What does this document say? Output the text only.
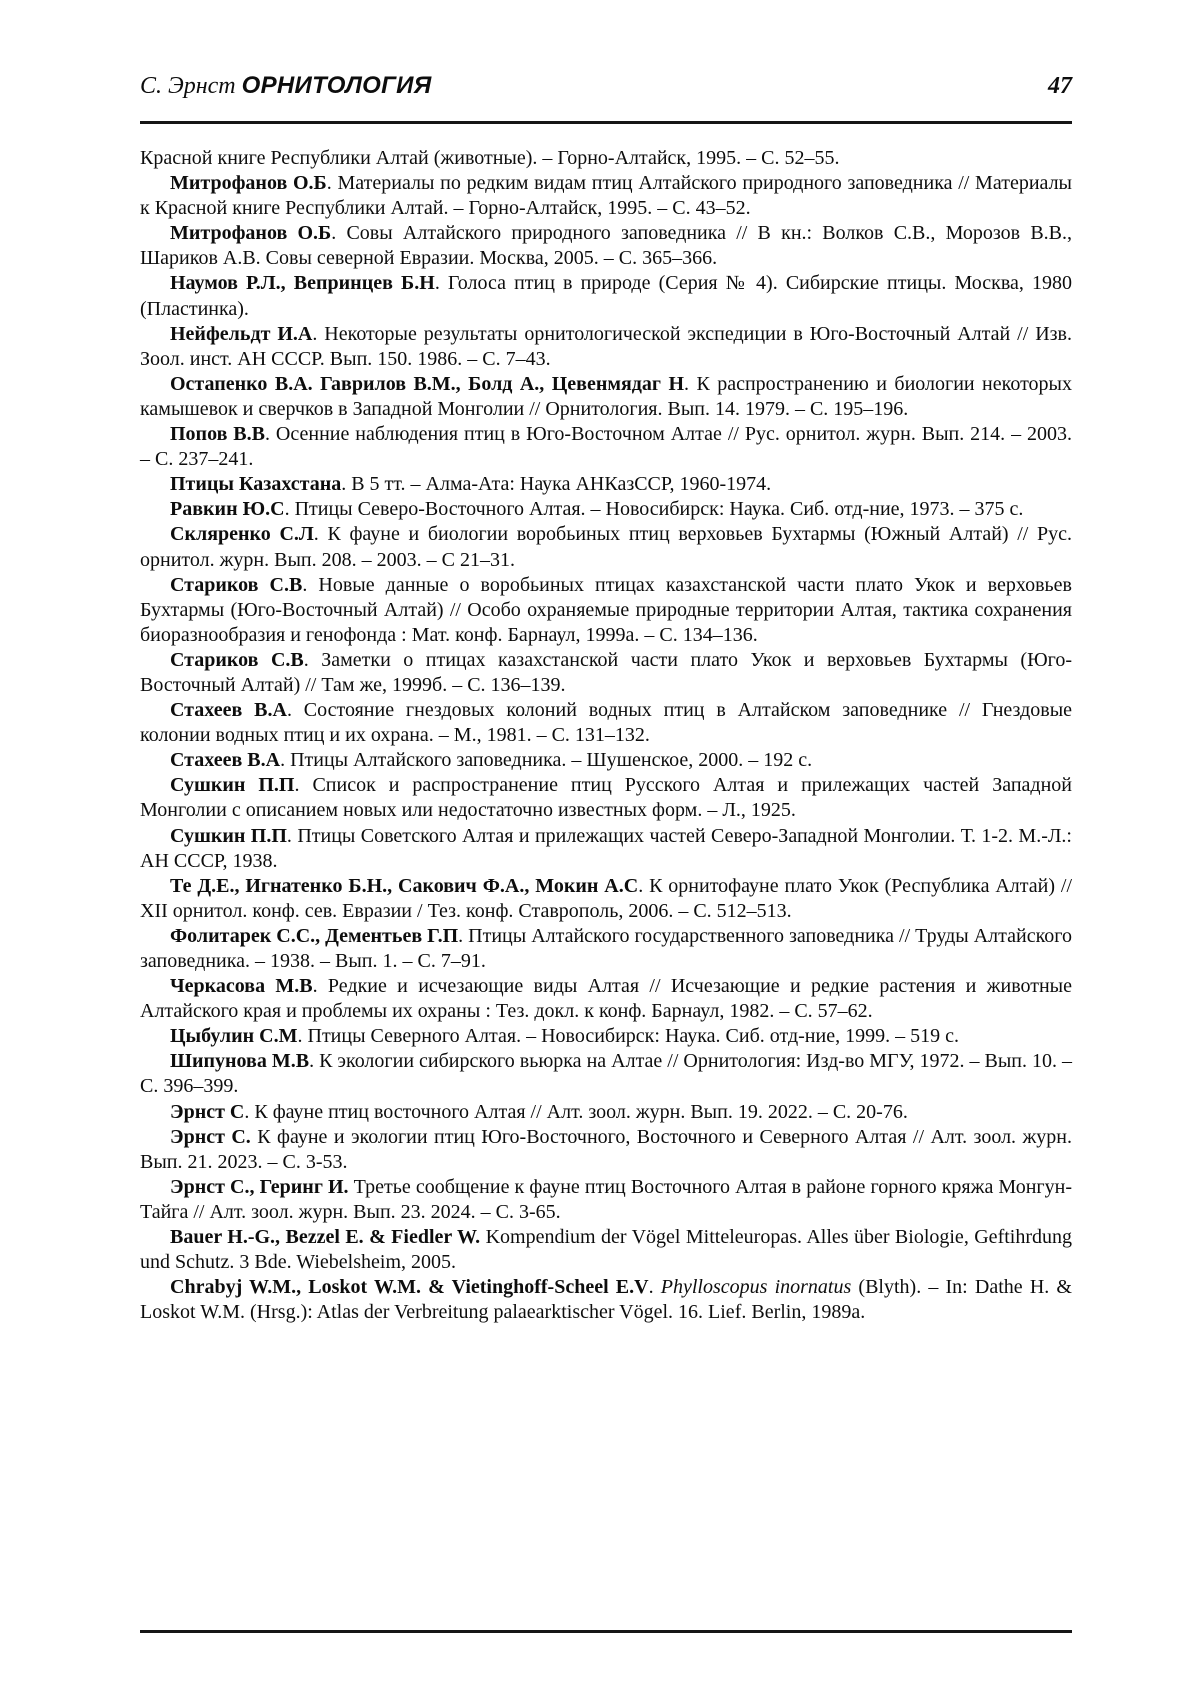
С. Эрнст ОРНИТОЛОГИЯ	47

Красной книге Республики Алтай (животные). – Горно-Алтайск, 1995. – С. 52–55.

Митрофанов О.Б. Материалы по редким видам птиц Алтайского природного заповедника // Материалы к Красной книге Республики Алтай. – Горно-Алтайск, 1995. – С. 43–52.

Митрофанов О.Б. Совы Алтайского природного заповедника // В кн.: Волков С.В., Морозов В.В., Шариков А.В. Совы северной Евразии. Москва, 2005. – С. 365–366.

Наумов Р.Л., Вепринцев Б.Н. Голоса птиц в природе (Серия № 4). Сибирские птицы. Москва, 1980 (Пластинка).

Нейфельдт И.А. Некоторые результаты орнитологической экспедиции в Юго-Восточный Алтай // Изв. Зоол. инст. АН СССР. Вып. 150. 1986. – С. 7–43.

Остапенко В.А. Гаврилов В.М., Болд А., Цевенмядаг Н. К распространению и биологии некоторых камышевок и сверчков в Западной Монголии // Орнитология. Вып. 14. 1979. – С. 195–196.

Попов В.В. Осенние наблюдения птиц в Юго-Восточном Алтае // Рус. орнитол. журн. Вып. 214. – 2003. – С. 237–241.

Птицы Казахстана. В 5 тт. – Алма-Ата: Наука АНКазССР, 1960-1974.

Равкин Ю.С. Птицы Северо-Восточного Алтая. – Новосибирск: Наука. Сиб. отд-ние, 1973. – 375 с.

Скляренко С.Л. К фауне и биологии воробьиных птиц верховьев Бухтармы (Южный Алтай) // Рус. орнитол. журн. Вып. 208. – 2003. – С 21–31.

Стариков С.В. Новые данные о воробьиных птицах казахстанской части плато Укок и верховьев Бухтармы (Юго-Восточный Алтай) // Особо охраняемые природные территории Алтая, тактика сохранения биоразнообразия и генофонда : Мат. конф. Барнаул, 1999а. – С. 134–136.

Стариков С.В. Заметки о птицах казахстанской части плато Укок и верховьев Бухтармы (Юго-Восточный Алтай) // Там же, 1999б. – С. 136–139.

Стахеев В.А. Состояние гнездовых колоний водных птиц в Алтайском заповеднике // Гнездовые колонии водных птиц и их охрана. – М., 1981. – С. 131–132.

Стахеев В.А. Птицы Алтайского заповедника. – Шушенское, 2000. – 192 с.

Сушкин П.П. Список и распространение птиц Русского Алтая и прилежащих частей Западной Монголии с описанием новых или недостаточно известных форм. – Л., 1925.

Сушкин П.П. Птицы Советского Алтая и прилежащих частей Северо-Западной Монголии. Т. 1-2. М.-Л.: АН СССР, 1938.

Те Д.Е., Игнатенко Б.Н., Сакович Ф.А., Мокин А.С. К орнитофауне плато Укок (Республика Алтай) // XII орнитол. конф. сев. Евразии / Тез. конф. Ставрополь, 2006. – С. 512–513.

Фолитарек С.С., Дементьев Г.П. Птицы Алтайского государственного заповедника // Труды Алтайского заповедника. – 1938. – Вып. 1. – С. 7–91.

Черкасова М.В. Редкие и исчезающие виды Алтая // Исчезающие и редкие растения и животные Алтайского края и проблемы их охраны : Тез. докл. к конф. Барнаул, 1982. – С. 57–62.

Цыбулин С.М. Птицы Северного Алтая. – Новосибирск: Наука. Сиб. отд-ние, 1999. – 519 с.

Шипунова М.В. К экологии сибирского вьюрка на Алтае // Орнитология: Изд-во МГУ, 1972. – Вып. 10. – С. 396–399.

Эрнст С. К фауне птиц восточного Алтая // Алт. зоол. журн. Вып. 19. 2022. – С. 20-76.

Эрнст С. К фауне и экологии птиц Юго-Восточного, Восточного и Северного Алтая // Алт. зоол. журн. Вып. 21. 2023. – С. 3-53.

Эрнст С., Геринг И. Третье сообщение к фауне птиц Восточного Алтая в районе горного кряжа Монгун-Тайга // Алт. зоол. журн. Вып. 23. 2024. – С. 3-65.

Bauer H.-G., Bezzel E. & Fiedler W. Kompendium der Vögel Mitteleuropas. Alles über Biologie, Geftihrdung und Schutz. 3 Bde. Wiebelsheim, 2005.

Chrabyj W.M., Loskot W.M. & Vietinghoff-Scheel E.V. Phylloscopus inornatus (Blyth). – In: Dathe H. & Loskot W.M. (Hrsg.): Atlas der Verbreitung palaearktischer Vögel. 16. Lief. Berlin, 1989a.
